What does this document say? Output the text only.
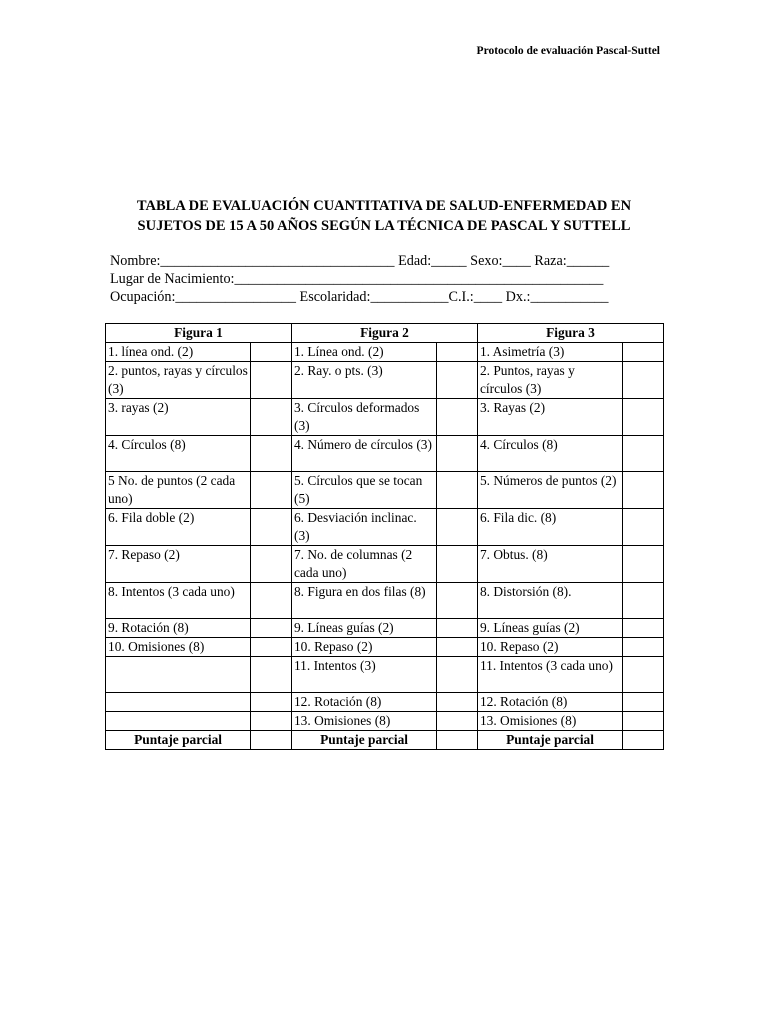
Protocolo de evaluación Pascal-Suttel
TABLA DE EVALUACIÓN CUANTITATIVA DE SALUD-ENFERMEDAD EN
SUJETOS DE 15 A 50 AÑOS SEGÚN LA TÉCNICA DE PASCAL Y SUTTELL
Nombre:_________________________________ Edad:_____ Sexo:____ Raza:______
Lugar de Nacimiento:____________________________________________________
Ocupación:_________________ Escolaridad:___________C.I.:____ Dx.:___________
Figura 1		Figura 2		Figura 3	
1. línea ond. (2)		1. Línea ond. (2)		1. Asimetría (3)	
2. puntos, rayas y círculos (3)		2. Ray. o pts. (3)		2. Puntos, rayas y círculos (3)	
3. rayas (2)		3. Círculos deformados (3)		3. Rayas (2)	
4. Círculos (8)		4. Número de círculos (3)		4. Círculos (8)	
5 No. de puntos (2 cada uno)		5. Círculos que se tocan (5)		5. Números de puntos (2)	
6. Fila doble (2)		6. Desviación inclinac. (3)		6. Fila dic. (8)	
7. Repaso (2)		7. No. de columnas (2 cada uno)		7. Obtus. (8)	
8. Intentos (3 cada uno)		8. Figura en dos filas (8)		8. Distorsión (8).	
9. Rotación (8)		9. Líneas guías (2)		9. Líneas guías (2)	
10. Omisiones (8)		10. Repaso (2)		10. Repaso (2)	
		11. Intentos (3)		11. Intentos (3 cada uno)	
		12. Rotación (8)		12. Rotación (8)	
		13. Omisiones (8)		13. Omisiones (8)	
Puntaje parcial		Puntaje parcial		Puntaje parcial	
